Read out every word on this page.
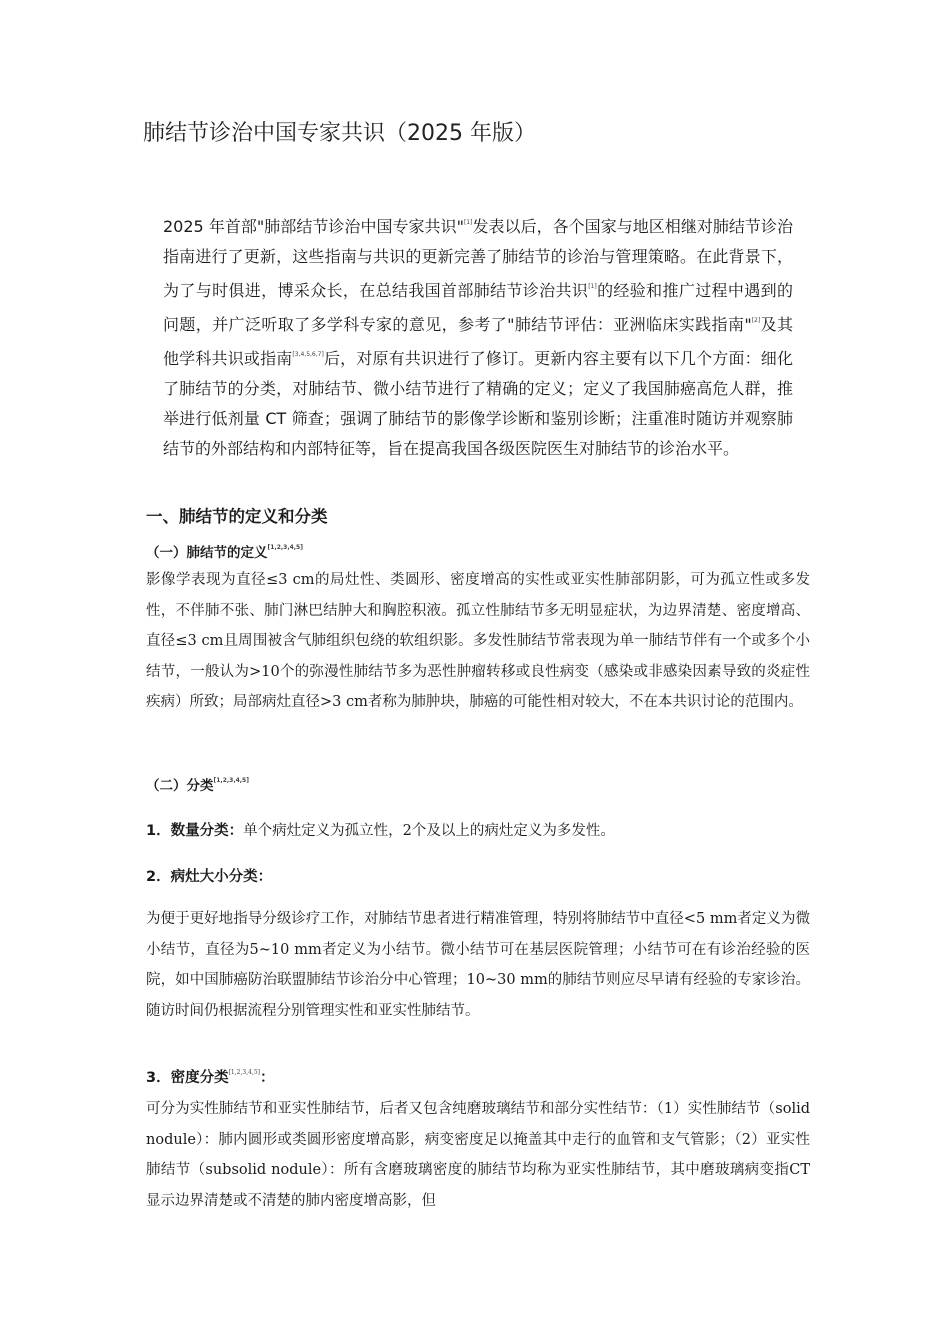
肺结节诊治中国专家共识（2025 年版）

2025 年首部"肺部结节诊治中国专家共识"[1]发表以后，各个国家与地区相继对肺结节诊治指南进行了更新，这些指南与共识的更新完善了肺结节的诊治与管理策略。在此背景下，为了与时俱进，博采众长，在总结我国首部肺结节诊治共识[1]的经验和推广过程中遇到的问题，并广泛听取了多学科专家的意见，参考了"肺结节评估：亚洲临床实践指南"[2]及其他学科共识或指南[3,4,5,6,7]后，对原有共识进行了修订。更新内容主要有以下几个方面：细化了肺结节的分类，对肺结节、微小结节进行了精确的定义；定义了我国肺癌高危人群，推举进行低剂量 CT 筛查；强调了肺结节的影像学诊断和鉴别诊断；注重准时随访并观察肺结节的外部结构和内部特征等，旨在提高我国各级医院医生对肺结节的诊治水平。

一、肺结节的定义和分类
（一）肺结节的定义[1,2,3,4,5]

影像学表现为直径≤3 cm的局灶性、类圆形、密度增高的实性或亚实性肺部阴影，可为孤立性或多发性，不伴肺不张、肺门淋巴结肿大和胸腔积液。孤立性肺结节多无明显症状，为边界清楚、密度增高、直径≤3 cm且周围被含气肺组织包绕的软组织影。多发性肺结节常表现为单一肺结节伴有一个或多个小结节，一般认为>10个的弥漫性肺结节多为恶性肿瘤转移或良性病变（感染或非感染因素导致的炎症性疾病）所致；局部病灶直径>3 cm者称为肺肿块，肺癌的可能性相对较大，不在本共识讨论的范围内。

（二）分类[1,2,3,4,5]

1．数量分类：单个病灶定义为孤立性，2个及以上的病灶定义为多发性。

2．病灶大小分类：

为便于更好地指导分级诊疗工作，对肺结节患者进行精准管理，特别将肺结节中直径<5 mm者定义为微小结节，直径为5~10 mm者定义为小结节。微小结节可在基层医院管理；小结节可在有诊治经验的医院，如中国肺癌防治联盟肺结节诊治分中心管理；10~30 mm的肺结节则应尽早请有经验的专家诊治。随访时间仍根据流程分别管理实性和亚实性肺结节。

3．密度分类[1,2,3,4,5]：

可分为实性肺结节和亚实性肺结节，后者又包含纯磨玻璃结节和部分实性结节：（1）实性肺结节（solid nodule）：肺内圆形或类圆形密度增高影，病变密度足以掩盖其中走行的血管和支气管影；（2）亚实性肺结节（subsolid nodule）：所有含磨玻璃密度的肺结节均称为亚实性肺结节，其中磨玻璃病变指CT显示边界清楚或不清楚的肺内密度增高影，但
